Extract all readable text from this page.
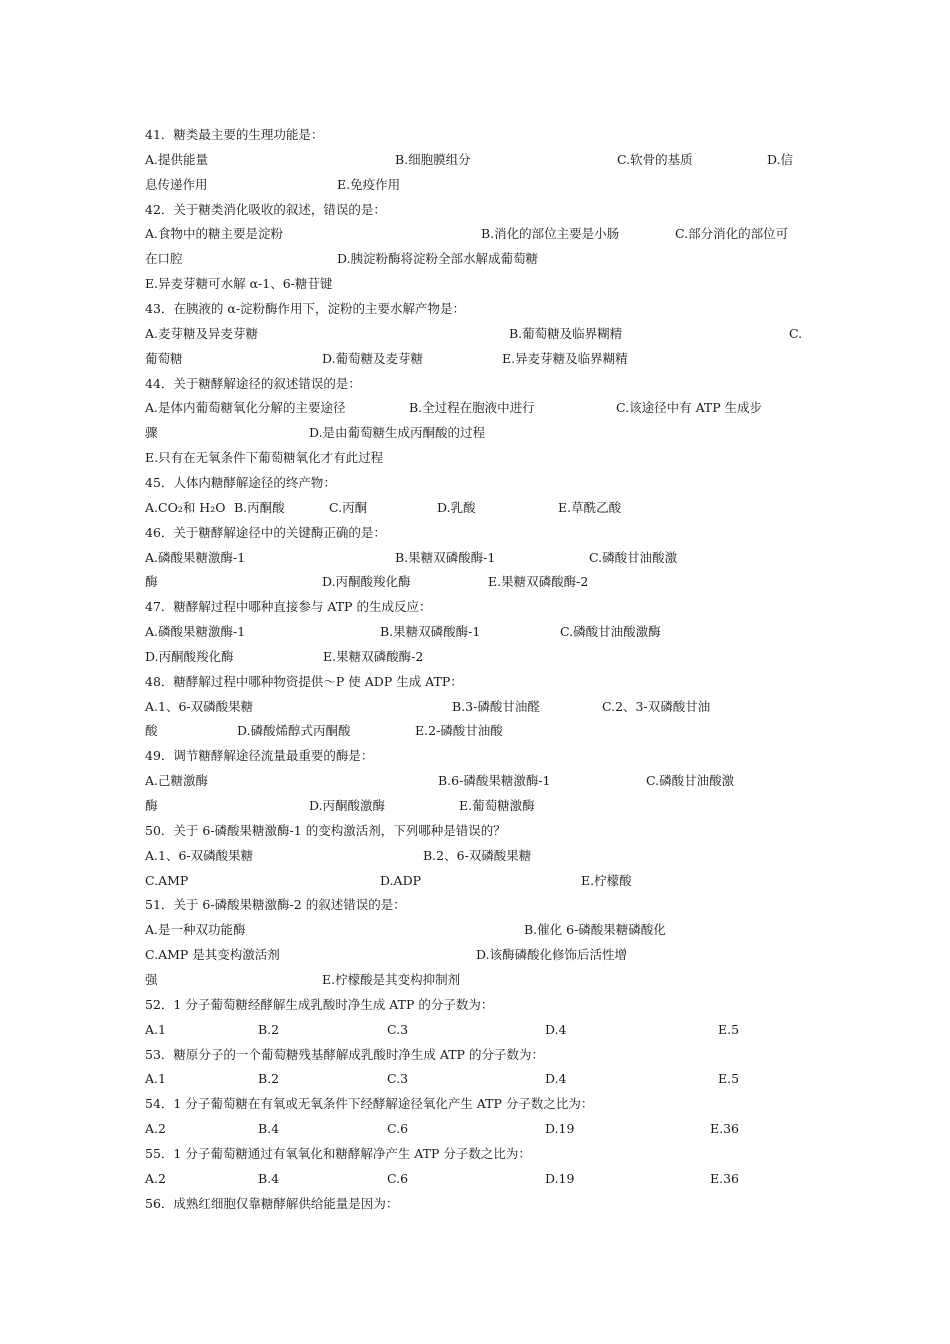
41．糖类最主要的生理功能是：
A.提供能量	B.细胞膜组分	C.软骨的基质	D.信
息传递作用	E.免疫作用
42．关于糖类消化吸收的叙述，错误的是：
A.食物中的糖主要是淀粉	B.消化的部位主要是小肠	C.部分消化的部位可
在口腔	D.胰淀粉酶将淀粉全部水解成葡萄糖
E.异麦芽糖可水解 α-1、6-糖苷键
43．在胰液的 α-淀粉酶作用下，淀粉的主要水解产物是：
A.麦芽糖及异麦芽糖	B.葡萄糖及临界糊精	C.
葡萄糖	D.葡萄糖及麦芽糖	E.异麦芽糖及临界糊精
44．关于糖酵解途径的叙述错误的是：
A.是体内葡萄糖氧化分解的主要途径	B.全过程在胞液中进行	C.该途径中有 ATP 生成步
骤	D.是由葡萄糖生成丙酮酸的过程
E.只有在无氧条件下葡萄糖氧化才有此过程
45．人体内糖酵解途径的终产物：
A.CO₂和 H₂O B.丙酮酸	C.丙酮	D.乳酸	E.草酰乙酸
46．关于糖酵解途径中的关键酶正确的是：
A.磷酸果糖激酶-1	B.果糖双磷酸酶-1	C.磷酸甘油酸激
酶	D.丙酮酸羧化酶	E.果糖双磷酸酶-2
47．糖酵解过程中哪种直接参与 ATP 的生成反应：
A.磷酸果糖激酶-1	B.果糖双磷酸酶-1	C.磷酸甘油酸激酶
D.丙酮酸羧化酶	E.果糖双磷酸酶-2
48．糖酵解过程中哪种物资提供～P 使 ADP 生成 ATP：
A.1、6-双磷酸果糖	B.3-磷酸甘油醛	C.2、3-双磷酸甘油
酸	D.磷酸烯醇式丙酮酸	E.2-磷酸甘油酸
49．调节糖酵解途径流量最重要的酶是：
A.己糖激酶	B.6-磷酸果糖激酶-1	C.磷酸甘油酸激
酶	D.丙酮酸激酶	E.葡萄糖激酶
50．关于 6-磷酸果糖激酶-1 的变构激活剂，下列哪种是错误的？
A.1、6-双磷酸果糖	B.2、6-双磷酸果糖
C.AMP	D.ADP	E.柠檬酸
51．关于 6-磷酸果糖激酶-2 的叙述错误的是：
A.是一种双功能酶	B.催化 6-磷酸果糖磷酸化
C.AMP 是其变构激活剂	D.该酶磷酸化修饰后活性增
强	E.柠檬酸是其变构抑制剂
52．1 分子葡萄糖经酵解生成乳酸时净生成 ATP 的分子数为：
A.1	B.2	C.3	D.4	E.5
53．糖原分子的一个葡萄糖残基酵解成乳酸时净生成 ATP 的分子数为：
A.1	B.2	C.3	D.4	E.5
54．1 分子葡萄糖在有氧或无氧条件下经酵解途径氧化产生 ATP 分子数之比为：
A.2	B.4	C.6	D.19	E.36
55．1 分子葡萄糖通过有氧氧化和糖酵解净产生 ATP 分子数之比为：
A.2	B.4	C.6	D.19	E.36
56．成熟红细胞仅靠糖酵解供给能量是因为：
